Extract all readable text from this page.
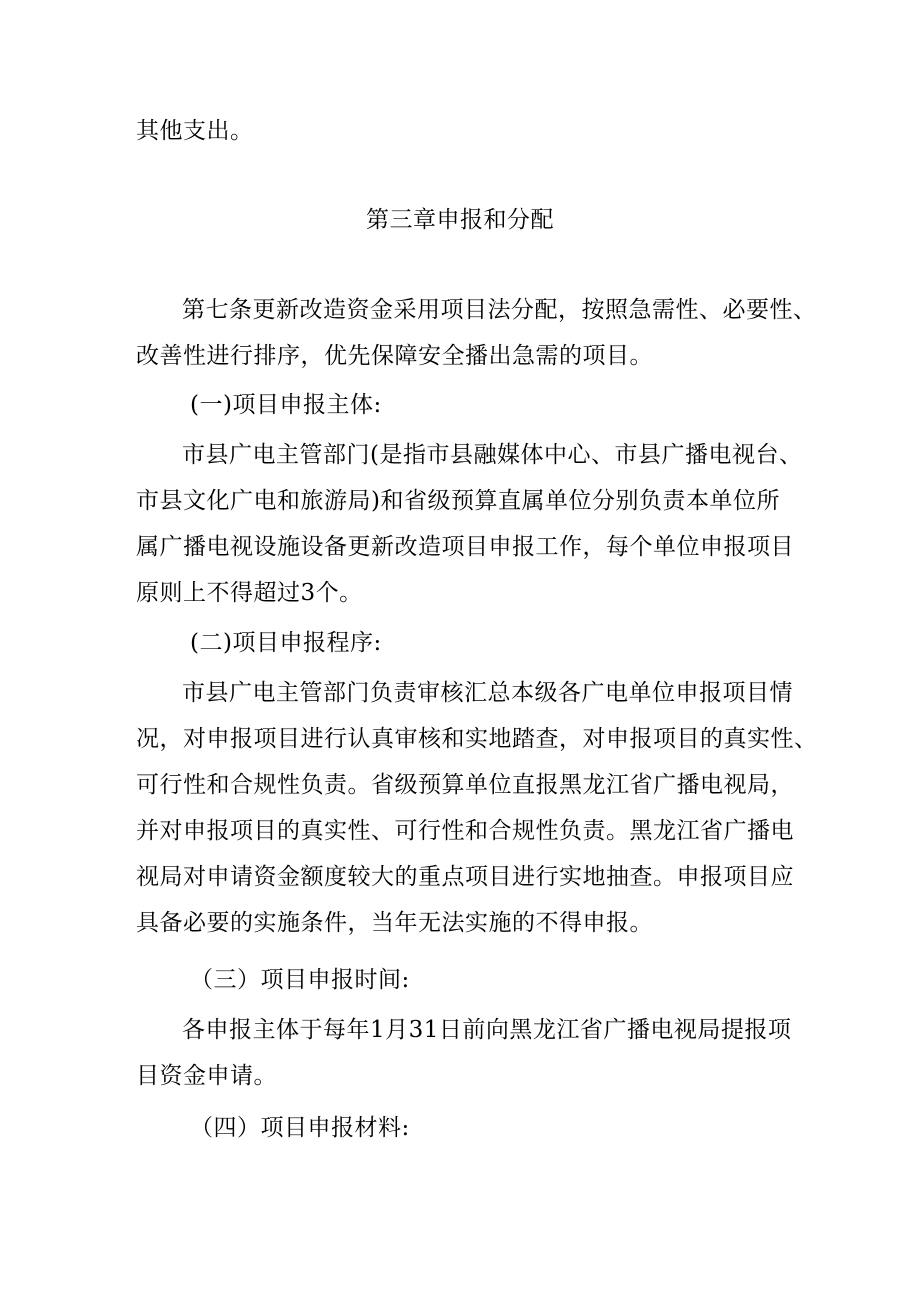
其他支出。
第三章申报和分配
第七条更新改造资金采用项目法分配，按照急需性、必要性、
改善性进行排序，优先保障安全播出急需的项目。
(一)项目申报主体:
市县广电主管部门(是指市县融媒体中心、市县广播电视台、
市县文化广电和旅游局)和省级预算直属单位分别负责本单位所
属广播电视设施设备更新改造项目申报工作，每个单位申报项目
原则上不得超过3个。
(二)项目申报程序:
市县广电主管部门负责审核汇总本级各广电单位申报项目情
况，对申报项目进行认真审核和实地踏查，对申报项目的真实性、
可行性和合规性负责。省级预算单位直报黑龙江省广播电视局，
并对申报项目的真实性、可行性和合规性负责。黑龙江省广播电
视局对申请资金额度较大的重点项目进行实地抽查。申报项目应
具备必要的实施条件，当年无法实施的不得申报。
（三）项目申报时间:
各申报主体于每年1月31日前向黑龙江省广播电视局提报项
目资金申请。
（四）项目申报材料:
